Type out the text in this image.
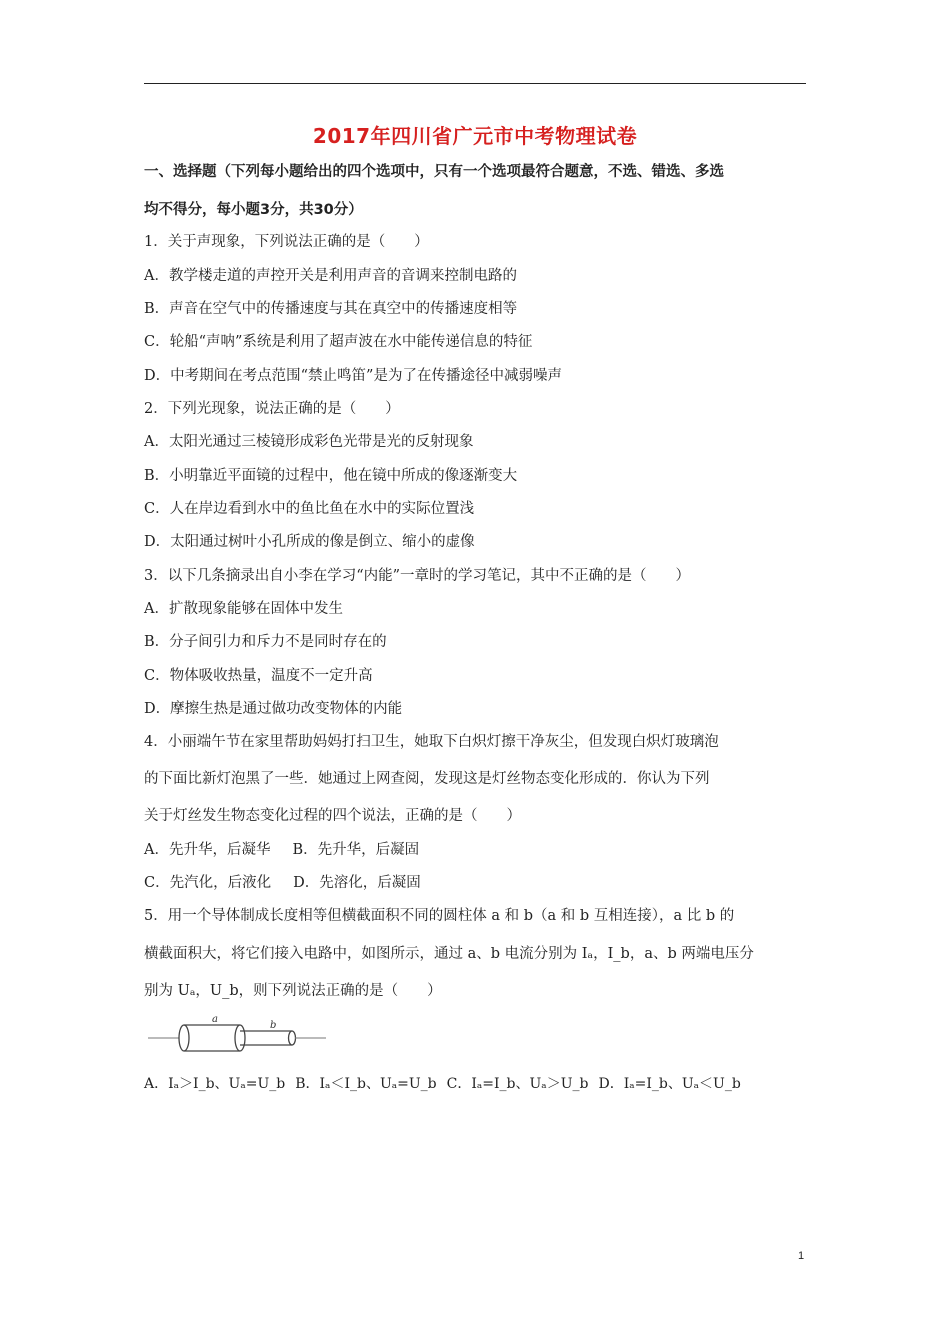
2017年四川省广元市中考物理试卷
一、选择题（下列每小题给出的四个选项中，只有一个选项最符合题意，不选、错选、多选
均不得分，每小题3分，共30分）
1．关于声现象，下列说法正确的是（　　）
A．教学楼走道的声控开关是利用声音的音调来控制电路的
B．声音在空气中的传播速度与其在真空中的传播速度相等
C．轮船“声呐”系统是利用了超声波在水中能传递信息的特征
D．中考期间在考点范围“禁止鸣笛”是为了在传播途径中减弱噪声
2．下列光现象，说法正确的是（　　）
A．太阳光通过三棱镜形成彩色光带是光的反射现象
B．小明靠近平面镜的过程中，他在镜中所成的像逐渐变大
C．人在岸边看到水中的鱼比鱼在水中的实际位置浅
D．太阳通过树叶小孔所成的像是倒立、缩小的虚像
3．以下几条摘录出自小李在学习“内能”一章时的学习笔记，其中不正确的是（　　）
A．扩散现象能够在固体中发生
B．分子间引力和斥力不是同时存在的
C．物体吸收热量，温度不一定升高
D．摩擦生热是通过做功改变物体的内能
4．小丽端午节在家里帮助妈妈打扫卫生，她取下白炽灯擦干净灰尘，但发现白炽灯玻璃泡
的下面比新灯泡黑了一些．她通过上网查阅，发现这是灯丝物态变化形成的．你认为下列
关于灯丝发生物态变化过程的四个说法，正确的是（　　）
A．先升华，后凝华 B．先升华，后凝固
C．先汽化，后液化 D．先溶化，后凝固
5．用一个导体制成长度相等但横截面积不同的圆柱体 a 和 b（a 和 b 互相连接），a 比 b 的
横截面积大，将它们接入电路中，如图所示，通过 a、b 电流分别为 Iₐ，I_b，a、b 两端电压分
别为 Uₐ，U_b，则下列说法正确的是（　　）
a
b
A．Iₐ＞I_b、Uₐ=U_b B．Iₐ＜I_b、Uₐ=U_b C．Iₐ=I_b、Uₐ＞U_b D．Iₐ=I_b、Uₐ＜U_b
1
